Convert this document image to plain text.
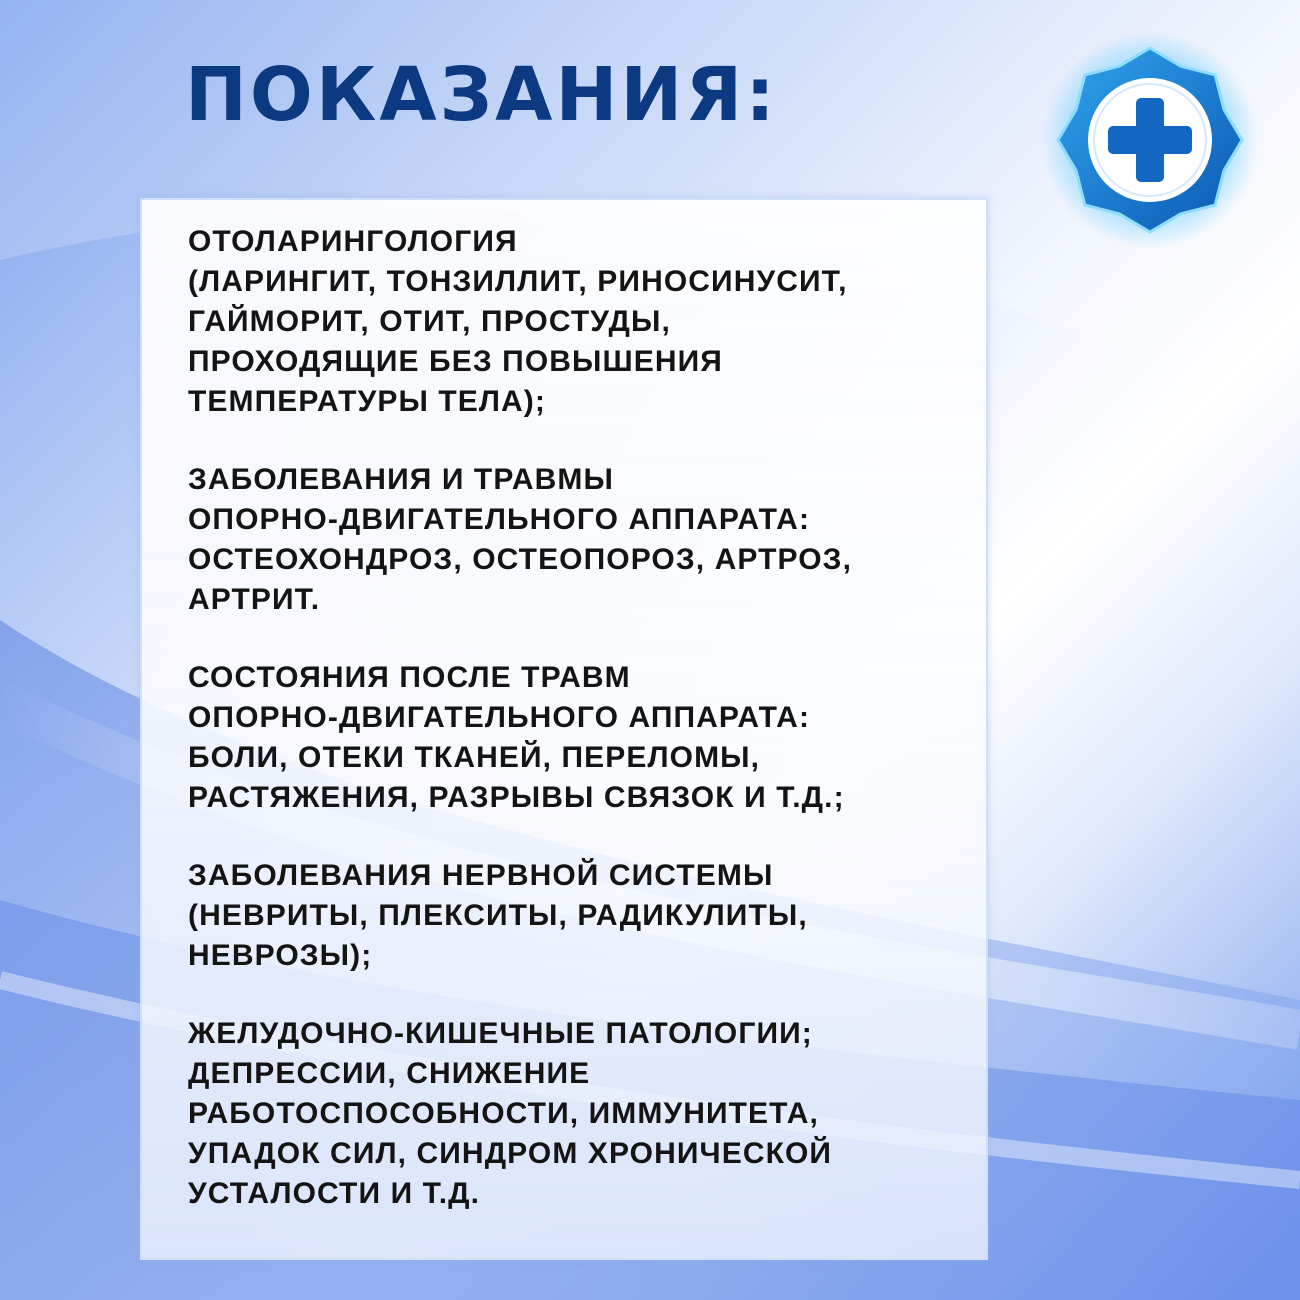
ПОКАЗАНИЯ:
ОТОЛАРИНГОЛОГИЯ
(ЛАРИНГИТ, ТОНЗИЛЛИТ, РИНОСИНУСИТ,
ГАЙМОРИТ, ОТИТ, ПРОСТУДЫ,
ПРОХОДЯЩИЕ БЕЗ ПОВЫШЕНИЯ
ТЕМПЕРАТУРЫ ТЕЛА);
ЗАБОЛЕВАНИЯ И ТРАВМЫ
ОПОРНО-ДВИГАТЕЛЬНОГО АППАРАТА:
ОСТЕОХОНДРОЗ, ОСТЕОПОРОЗ, АРТРОЗ,
АРТРИТ.
СОСТОЯНИЯ ПОСЛЕ ТРАВМ
ОПОРНО-ДВИГАТЕЛЬНОГО АППАРАТА:
БОЛИ, ОТЕКИ ТКАНЕЙ, ПЕРЕЛОМЫ,
РАСТЯЖЕНИЯ, РАЗРЫВЫ СВЯЗОК И Т.Д.;
ЗАБОЛЕВАНИЯ НЕРВНОЙ СИСТЕМЫ
(НЕВРИТЫ, ПЛЕКСИТЫ, РАДИКУЛИТЫ,
НЕВРОЗЫ);
ЖЕЛУДОЧНО-КИШЕЧНЫЕ ПАТОЛОГИИ;
ДЕПРЕССИИ, СНИЖЕНИЕ
РАБОТОСПОСОБНОСТИ, ИММУНИТЕТА,
УПАДОК СИЛ, СИНДРОМ ХРОНИЧЕСКОЙ
УСТАЛОСТИ И Т.Д.
